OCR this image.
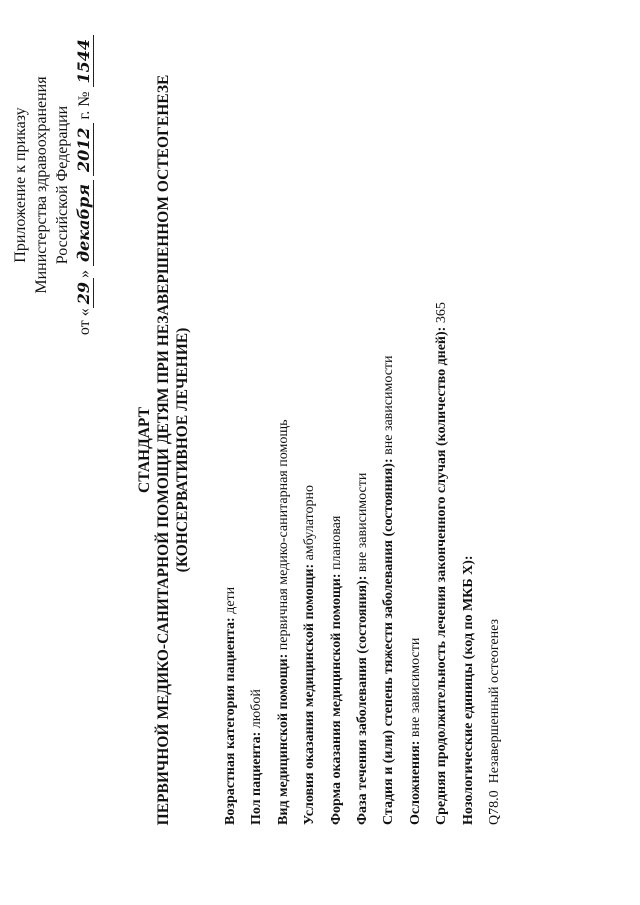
Приложение к приказу Министерства здравоохранения Российской Федерации
от «29» декабря 2012 г. № 1544
СТАНДАРТ ПЕРВИЧНОЙ МЕДИКО-САНИТАРНОЙ ПОМОЩИ ДЕТЯМ ПРИ НЕЗАВЕРШЕННОМ ОСТЕОГЕНЕЗЕ (КОНСЕРВАТИВНОЕ ЛЕЧЕНИЕ)
Возрастная категория пациента: дети
Пол пациента: любой Вид медицинской помощи: первичная медико-санитарная помощь
Условия оказания медицинской помощи: амбулаторно
Форма оказания медицинской помощи: плановая
Фаза течения заболевания (состояния): вне зависимости Стадия и (или) степень тяжести заболевания (состояния): вне зависимости
Осложнения: вне зависимости Средняя продолжительность лечения законченного случая (количество дней): 365
Нозологические единицы (код по МКБ X):
Q78.0  Незавершенный остеогенез
